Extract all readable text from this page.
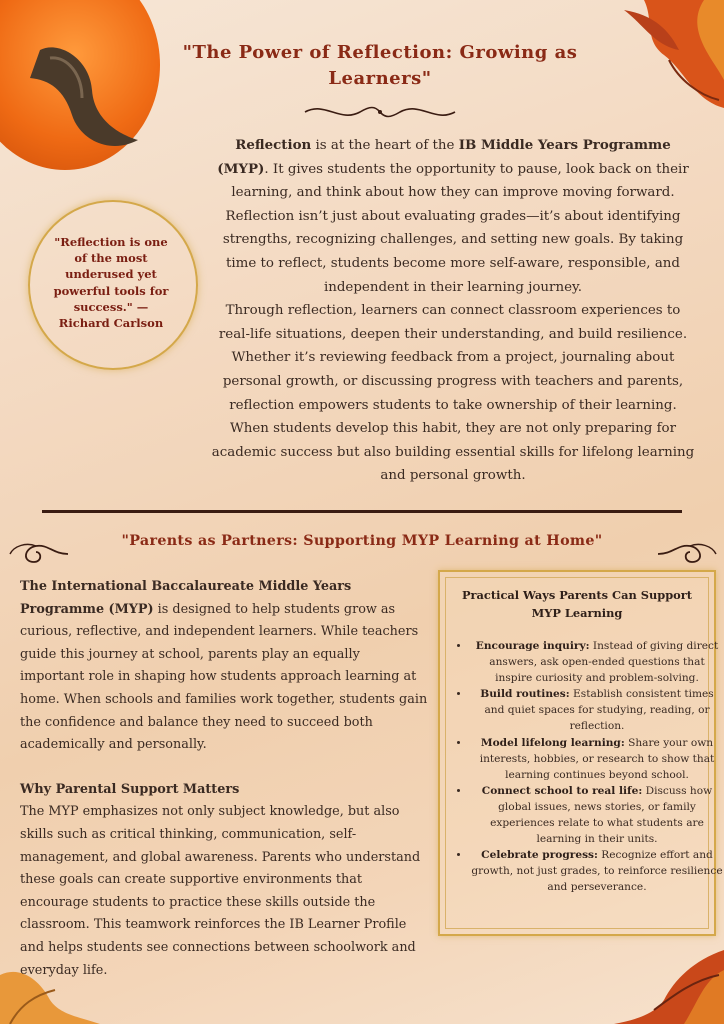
"The Power of Reflection: Growing as Learners"
"Reflection is one of the most underused yet powerful tools for success." — Richard Carlson
Reflection is at the heart of the IB Middle Years Programme (MYP). It gives students the opportunity to pause, look back on their learning, and think about how they can improve moving forward. Reflection isn’t just about evaluating grades—it’s about identifying strengths, recognizing challenges, and setting new goals. By taking time to reflect, students become more self-aware, responsible, and independent in their learning journey.
Through reflection, learners can connect classroom experiences to real-life situations, deepen their understanding, and build resilience. Whether it’s reviewing feedback from a project, journaling about personal growth, or discussing progress with teachers and parents, reflection empowers students to take ownership of their learning. When students develop this habit, they are not only preparing for academic success but also building essential skills for lifelong learning and personal growth.
"Parents as Partners: Supporting MYP Learning at Home"

The International Baccalaureate Middle Years Programme (MYP) is designed to help students grow as curious, reflective, and independent learners. While teachers guide this journey at school, parents play an equally important role in shaping how students approach learning at home. When schools and families work together, students gain the confidence and balance they need to succeed both academically and personally.

Why Parental Support Matters

The MYP emphasizes not only subject knowledge, but also skills such as critical thinking, communication, self-management, and global awareness. Parents who understand these goals can create supportive environments that encourage students to practice these skills outside the classroom. This teamwork reinforces the IB Learner Profile and helps students see connections between schoolwork and everyday life.

Practical Ways Parents Can Support MYP Learning
• Encourage inquiry: Instead of giving direct answers, ask open-ended questions that inspire curiosity and problem-solving.
• Build routines: Establish consistent times and quiet spaces for studying, reading, or reflection.
• Model lifelong learning: Share your own interests, hobbies, or research to show that learning continues beyond school.
• Connect school to real life: Discuss how global issues, news stories, or family experiences relate to what students are learning in their units.
• Celebrate progress: Recognize effort and growth, not just grades, to reinforce resilience and perseverance.
